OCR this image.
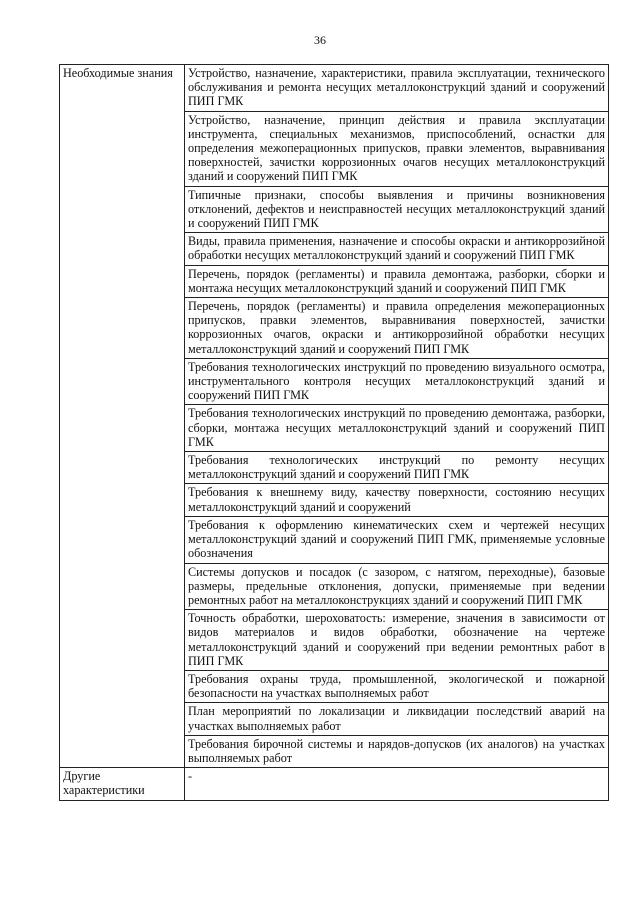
36
Необходимые знания	Устройство, назначение, характеристики, правила эксплуатации, технического обслуживания и ремонта несущих металлоконструкций зданий и сооружений ПИП ГМК
	Устройство, назначение, принцип действия и правила эксплуатации инструмента, специальных механизмов, приспособлений, оснастки для определения межоперационных припусков, правки элементов, выравнивания поверхностей, зачистки коррозионных очагов несущих металлоконструкций зданий и сооружений ПИП ГМК
	Типичные признаки, способы выявления и причины возникновения отклонений, дефектов и неисправностей несущих металлоконструкций зданий и сооружений ПИП ГМК
	Виды, правила применения, назначение и способы окраски и антикоррозийной обработки несущих металлоконструкций зданий и сооружений ПИП ГМК
	Перечень, порядок (регламенты) и правила демонтажа, разборки, сборки и монтажа несущих металлоконструкций зданий и сооружений ПИП ГМК
	Перечень, порядок (регламенты) и правила определения межоперационных припусков, правки элементов, выравнивания поверхностей, зачистки коррозионных очагов, окраски и антикоррозийной обработки несущих металлоконструкций зданий и сооружений ПИП ГМК
	Требования технологических инструкций по проведению визуального осмотра, инструментального контроля несущих металлоконструкций зданий и сооружений ПИП ГМК
	Требования технологических инструкций по проведению демонтажа, разборки, сборки, монтажа несущих металлоконструкций зданий и сооружений ПИП ГМК
	Требования технологических инструкций по ремонту несущих металлоконструкций зданий и сооружений ПИП ГМК
	Требования к внешнему виду, качеству поверхности, состоянию несущих металлоконструкций зданий и сооружений
	Требования к оформлению кинематических схем и чертежей несущих металлоконструкций зданий и сооружений ПИП ГМК, применяемые условные обозначения
	Системы допусков и посадок (с зазором, с натягом, переходные), базовые размеры, предельные отклонения, допуски, применяемые при ведении ремонтных работ на металлоконструкциях зданий и сооружений ПИП ГМК
	Точность обработки, шероховатость: измерение, значения в зависимости от видов материалов и видов обработки, обозначение на чертеже металлоконструкций зданий и сооружений при ведении ремонтных работ в ПИП ГМК
	Требования охраны труда, промышленной, экологической и пожарной безопасности на участках выполняемых работ
	План мероприятий по локализации и ликвидации последствий аварий на участках выполняемых работ
	Требования бирочной системы и нарядов-допусков (их аналогов) на участках выполняемых работ
Другие характеристики	-
